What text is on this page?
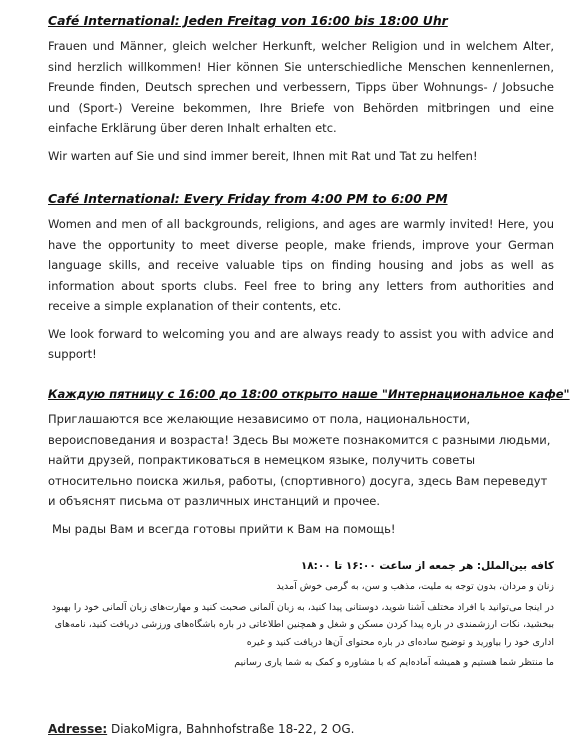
Café International: Jeden Freitag von 16:00 bis 18:00 Uhr

Frauen und Männer, gleich welcher Herkunft, welcher Religion und in welchem Alter, sind herzlich willkommen! Hier können Sie unterschiedliche Menschen kennenlernen, Freunde finden, Deutsch sprechen und verbessern, Tipps über Wohnungs- / Jobsuche und (Sport-) Vereine bekommen, Ihre Briefe von Behörden mitbringen und eine einfache Erklärung über deren Inhalt erhalten etc.

Wir warten auf Sie und sind immer bereit, Ihnen mit Rat und Tat zu helfen!

Café International: Every Friday from 4:00 PM to 6:00 PM

Women and men of all backgrounds, religions, and ages are warmly invited! Here, you have the opportunity to meet diverse people, make friends, improve your German language skills, and receive valuable tips on finding housing and jobs as well as information about sports clubs. Feel free to bring any letters from authorities and receive a simple explanation of their contents, etc.

We look forward to welcoming you and are always ready to assist you with advice and support!

Каждую пятницу с 16:00 до 18:00 открыто наше "Интернациональное кафе"

Приглашаются все желающие независимо от пола, национальности, вероисповедания и возраста! Здесь Вы можете познакомится с разными людьми, найти друзей, попрактиковаться в немецком языке, получить советы относительно поиска жилья, работы, (спортивного) досуга, здесь Вам переведут и объяснят письма от различных инстанций и прочее.

Мы рады Вам и всегда готовы прийти к Вам на помощь!

کافه بین‌الملل: هر جمعه از ساعت ۱۶:۰۰ تا ۱۸:۰۰

زنان و مردان، بدون توجه به ملیت، مذهب و سن، به گرمی خوش آمدید

در اینجا می‌توانید با افراد مختلف آشنا شوید، دوستانی پیدا کنید، به زبان آلمانی صحبت کنید و مهارت‌های زبان آلمانی خود را بهبود ببخشید، نکات ارزشمندی در باره پیدا کردن مسکن و شغل و همچنین اطلاعاتی در باره باشگاه‌های ورزشی دریافت کنید، نامه‌های اداری خود را بیاورید و توضیح ساده‌ای در باره محتوای آن‌ها دریافت کنید و غیره

ما منتظر شما هستیم و همیشه آماده‌ایم که با مشاوره و کمک به شما یاری رسانیم

Adresse: DiakoMigra, Bahnhofstraße 18-22, 2 OG.
